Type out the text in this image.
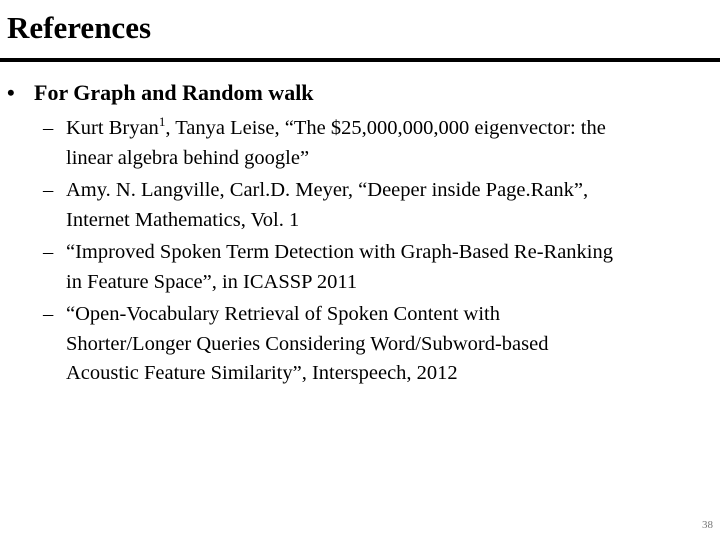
References
• For Graph and Random walk
– Kurt Bryan$^1$, Tanya Leise, “The $25,000,000,000 eigenvector: the
linear algebra behind google”
– Amy. N. Langville, Carl.D. Meyer, “Deeper inside Page.Rank”,
Internet Mathematics, Vol. 1
– “Improved Spoken Term Detection with Graph-Based Re-Ranking
in Feature Space”, in ICASSP 2011
– “Open-Vocabulary Retrieval of Spoken Content with
Shorter/Longer Queries Considering Word/Subword-based
Acoustic Feature Similarity”, Interspeech, 2012
38
